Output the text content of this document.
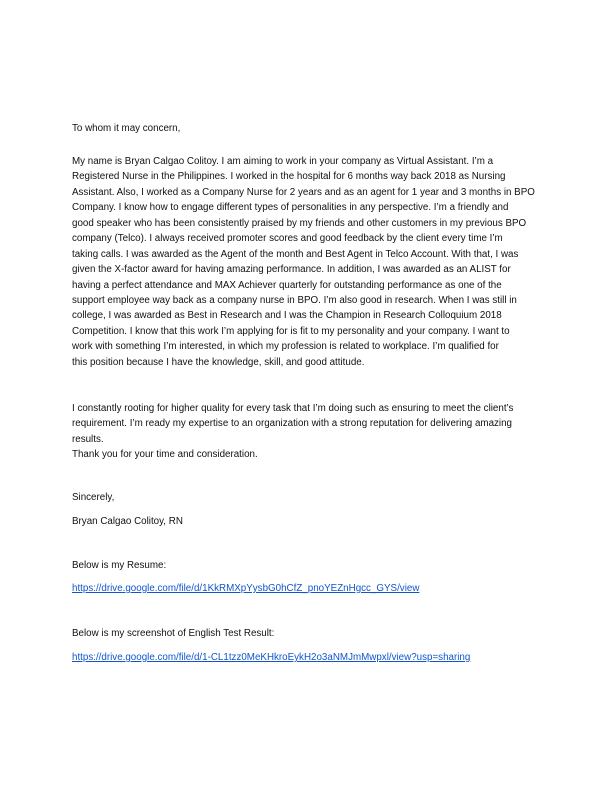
To whom it may concern,
My name is Bryan Calgao Colitoy. I am aiming to work in your company as Virtual Assistant. I’m a
Registered Nurse in the Philippines. I worked in the hospital for 6 months way back 2018 as Nursing
Assistant. Also, I worked as a Company Nurse for 2 years and as an agent for 1 year and 3 months in BPO
Company. I know how to engage different types of personalities in any perspective. I’m a friendly and
good speaker who has been consistently praised by my friends and other customers in my previous BPO
company (Telco). I always received promoter scores and good feedback by the client every time I’m
taking calls. I was awarded as the Agent of the month and Best Agent in Telco Account. With that, I was
given the X-factor award for having amazing performance. In addition, I was awarded as an ALIST for
having a perfect attendance and MAX Achiever quarterly for outstanding performance as one of the
support employee way back as a company nurse in BPO. I’m also good in research. When I was still in
college, I was awarded as Best in Research and I was the Champion in Research Colloquium 2018
Competition. I know that this work I’m applying for is fit to my personality and your company. I want to
work with something I’m interested, in which my profession is related to workplace. I’m qualified for
this position because I have the knowledge, skill, and good attitude.
I constantly rooting for higher quality for every task that I’m doing such as ensuring to meet the client’s
requirement. I’m ready my expertise to an organization with a strong reputation for delivering amazing
results.
Thank you for your time and consideration.
Sincerely,
Bryan Calgao Colitoy, RN
Below is my Resume:
https://drive.google.com/file/d/1KkRMXpYysbG0hCfZ_pnoYEZnHgcc_GYS/view
Below is my screenshot of English Test Result:
https://drive.google.com/file/d/1-CL1tzz0MeKHkroEykH2o3aNMJmMwpxl/view?usp=sharing
